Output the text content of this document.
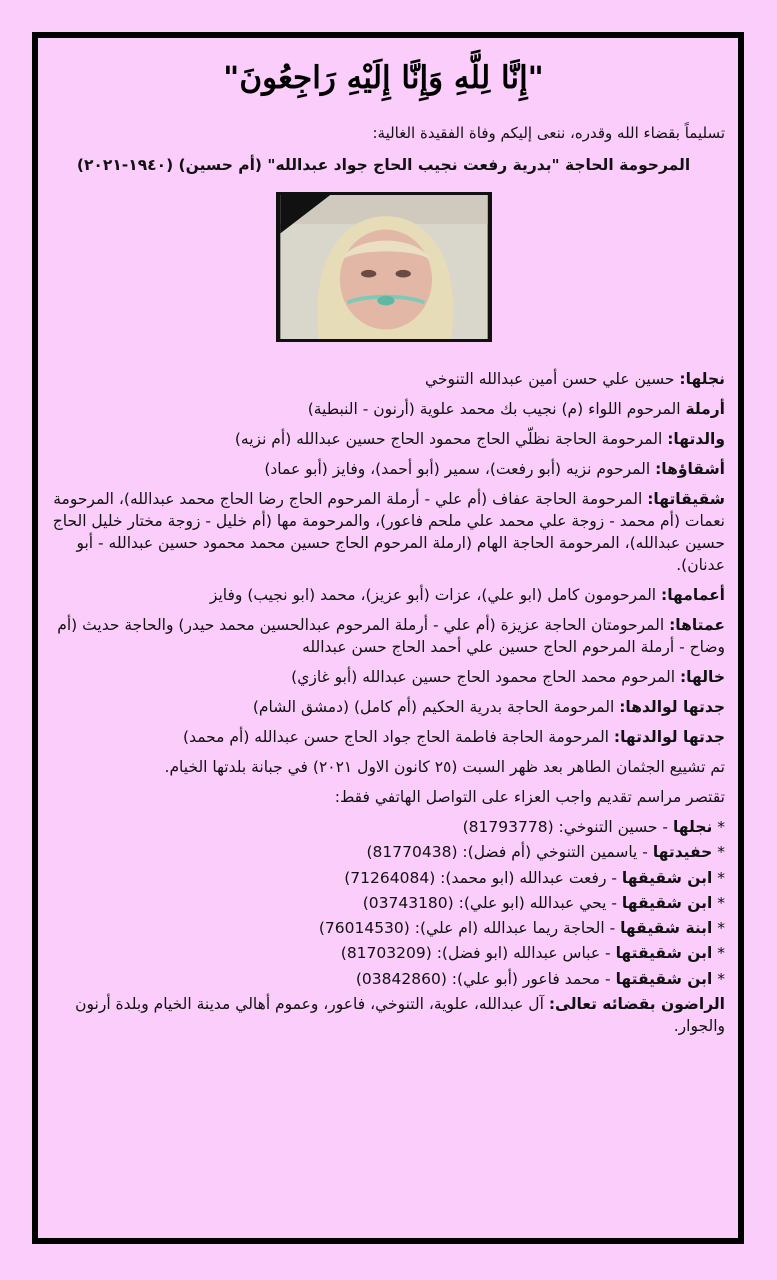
"إِنَّا لِلَّهِ وَإِنَّا إِلَيْهِ رَاجِعُونَ"
تسليماً بقضاء الله وقدره، ننعى إليكم وفاة الفقيدة الغالية:
المرحومة الحاجة "بدرية رفعت نجيب الحاج جواد عبدالله" (أم حسين) (١٩٤٠-٢٠٢١)

نجلها: حسين علي حسن أمين عبدالله التنوخي

أرملة المرحوم اللواء (م) نجيب بك محمد علوية (أرنون - النبطية)

والدتها: المرحومة الحاجة نظلّي الحاج محمود الحاج حسين عبدالله (أم نزيه)

أشقاؤها: المرحوم نزيه (أبو رفعت)، سمير (أبو أحمد)، وفايز (أبو عماد)

شقيقاتها: المرحومة الحاجة عفاف (أم علي - أرملة المرحوم الحاج رضا الحاج محمد عبدالله)، المرحومة نعمات (أم محمد - زوجة علي محمد علي ملحم فاعور)، والمرحومة مها (أم خليل - زوجة مختار خليل الحاج حسين عبدالله)، المرحومة الحاجة الهام (ارملة المرحوم الحاج حسين محمد محمود حسين عبدالله - أبو عدنان).

أعمامها: المرحومون كامل (ابو علي)، عزات (أبو عزيز)، محمد (ابو نجيب) وفايز

عمتاها: المرحومتان الحاجة عزيزة (أم علي - أرملة المرحوم عبدالحسين محمد حيدر) والحاجة حديث (أم وضاح - أرملة المرحوم الحاج حسين علي أحمد الحاج حسن عبدالله

خالها: المرحوم محمد الحاج محمود الحاج حسين عبدالله (أبو غازي)

جدتها لوالدها: المرحومة الحاجة بدرية الحكيم (أم كامل) (دمشق الشام)

جدتها لوالدتها: المرحومة الحاجة فاطمة الحاج جواد الحاج حسن عبدالله (أم محمد)

تم تشييع الجثمان الطاهر بعد ظهر السبت (٢٥ كانون الاول ٢٠٢١) في جبانة بلدتها الخيام.

تقتصر مراسم تقديم واجب العزاء على التواصل الهاتفي فقط:

* نجلها - حسين التنوخي: (81793778)

* حفيدتها - ياسمين التنوخي (أم فضل): (81770438)

* ابن شقيقها - رفعت عبدالله (ابو محمد): (71264084)

* ابن شقيقها - يحي عبدالله (ابو علي): (03743180)

* ابنة شقيقها - الحاجة ريما عبدالله (ام علي): (76014530)

* ابن شقيقتها - عباس عبدالله (ابو فضل): (81703209)

* ابن شقيقتها - محمد فاعور (أبو علي): (03842860)

الراضون بقضائه تعالى: آل عبدالله، علوية، التنوخي، فاعور، وعموم أهالي مدينة الخيام وبلدة أرنون والجوار.
